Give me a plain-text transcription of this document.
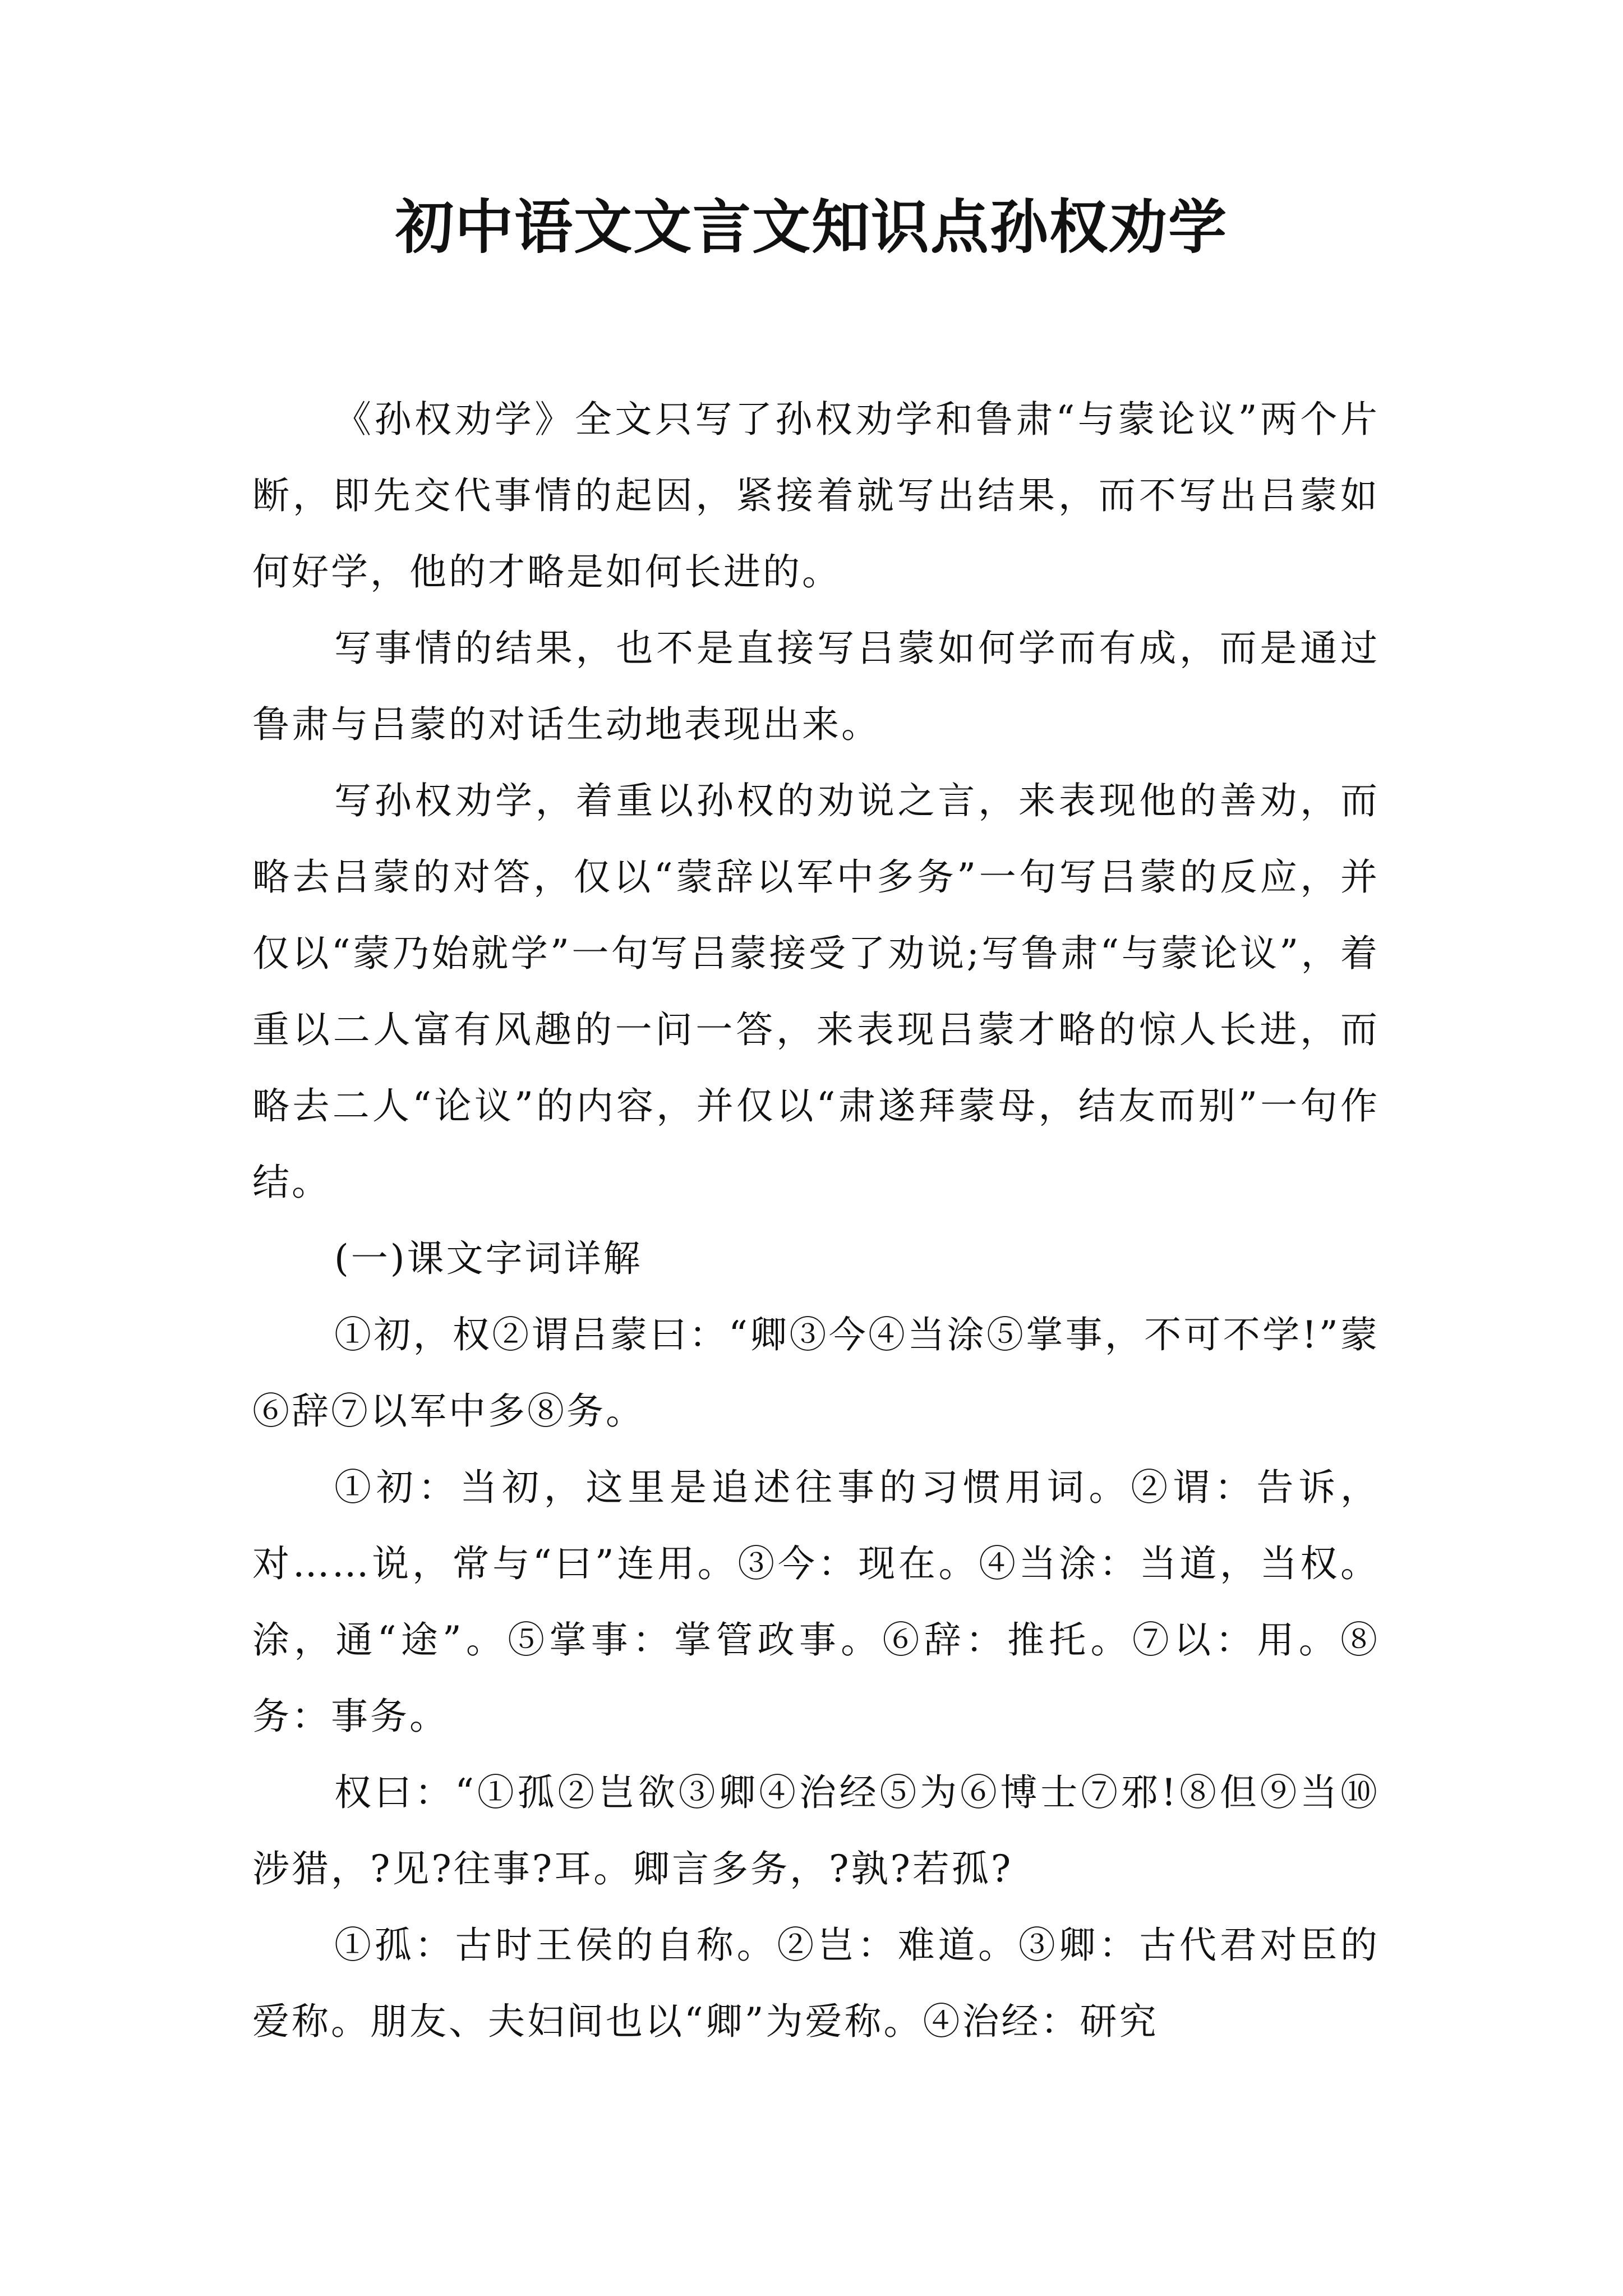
初中语文文言文知识点孙权劝学

《孙权劝学》全文只写了孙权劝学和鲁肃“与蒙论议”两个片断，即先交代事情的起因，紧接着就写出结果，而不写出吕蒙如何好学，他的才略是如何长进的。

写事情的结果，也不是直接写吕蒙如何学而有成，而是通过鲁肃与吕蒙的对话生动地表现出来。

写孙权劝学，着重以孙权的劝说之言，来表现他的善劝，而略去吕蒙的对答，仅以“蒙辞以军中多务”一句写吕蒙的反应，并仅以“蒙乃始就学”一句写吕蒙接受了劝说;写鲁肃“与蒙论议”，着重以二人富有风趣的一问一答，来表现吕蒙才略的惊人长进，而略去二人“论议”的内容，并仅以“肃遂拜蒙母，结友而别”一句作结。

(一)课文字词详解

①初，权②谓吕蒙曰：“卿③今④当涂⑤掌事，不可不学!”蒙⑥辞⑦以军中多⑧务。

①初：当初，这里是追述往事的习惯用词。②谓：告诉，对……说，常与“曰”连用。③今：现在。④当涂：当道，当权。涂，通“途”。⑤掌事：掌管政事。⑥辞：推托。⑦以：用。⑧务：事务。

权曰：“①孤②岂欲③卿④治经⑤为⑥博士⑦邪!⑧但⑨当⑩涉猎，?见?往事?耳。卿言多务，?孰?若孤?

①孤：古时王侯的自称。②岂：难道。③卿：古代君对臣的爱称。朋友、夫妇间也以“卿”为爱称。④治经：研究
